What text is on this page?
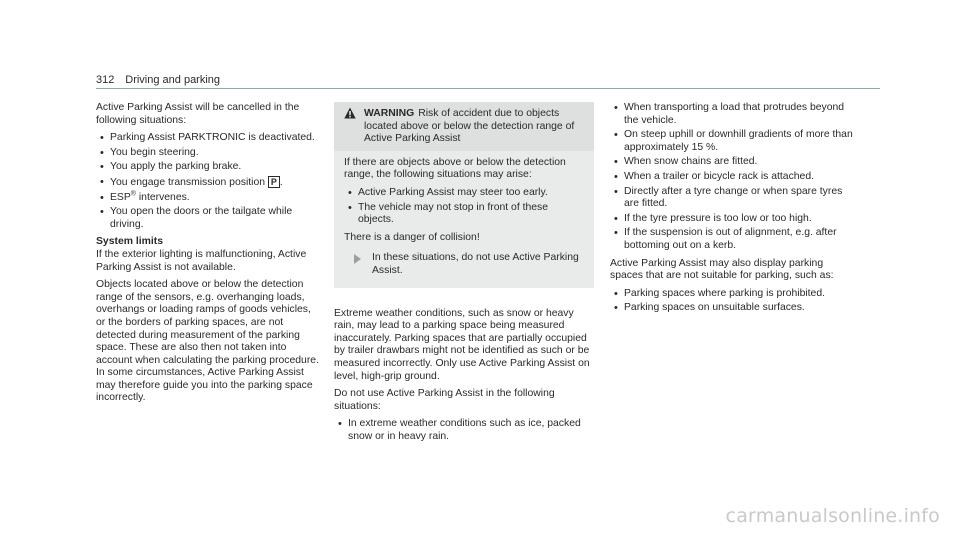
312 Driving and parking

Active Parking Assist will be cancelled in the following situations:

• Parking Assist PARKTRONIC is deactivated.
• You begin steering.
• You apply the parking brake.
• You engage transmission position P .
• ESP® intervenes.
• You open the doors or the tailgate while driving.

System limits

If the exterior lighting is malfunctioning, Active Parking Assist is not available.

Objects located above or below the detection range of the sensors, e.g. overhanging loads, overhangs or loading ramps of goods vehicles, or the borders of parking spaces, are not detected during measurement of the parking space. These are also then not taken into account when calculating the parking procedure. In some circumstances, Active Parking Assist may therefore guide you into the parking space incorrectly.

WARNING Risk of accident due to objects located above or below the detection range of Active Parking Assist

If there are objects above or below the detection range, the following situations may arise:

• Active Parking Assist may steer too early.
• The vehicle may not stop in front of these objects.

There is a danger of collision!

In these situations, do not use Active Parking Assist.

Extreme weather conditions, such as snow or heavy rain, may lead to a parking space being measured inaccurately. Parking spaces that are partially occupied by trailer drawbars might not be identified as such or be measured incorrectly. Only use Active Parking Assist on level, high-grip ground.

Do not use Active Parking Assist in the following situations:

• In extreme weather conditions such as ice, packed snow or in heavy rain.
• When transporting a load that protrudes beyond the vehicle.
• On steep uphill or downhill gradients of more than approximately 15 %.
• When snow chains are fitted.
• When a trailer or bicycle rack is attached.
• Directly after a tyre change or when spare tyres are fitted.
• If the tyre pressure is too low or too high.
• If the suspension is out of alignment, e.g. after bottoming out on a kerb.

Active Parking Assist may also display parking spaces that are not suitable for parking, such as:

• Parking spaces where parking is prohibited.
• Parking spaces on unsuitable surfaces.
carmanualsonline.info
